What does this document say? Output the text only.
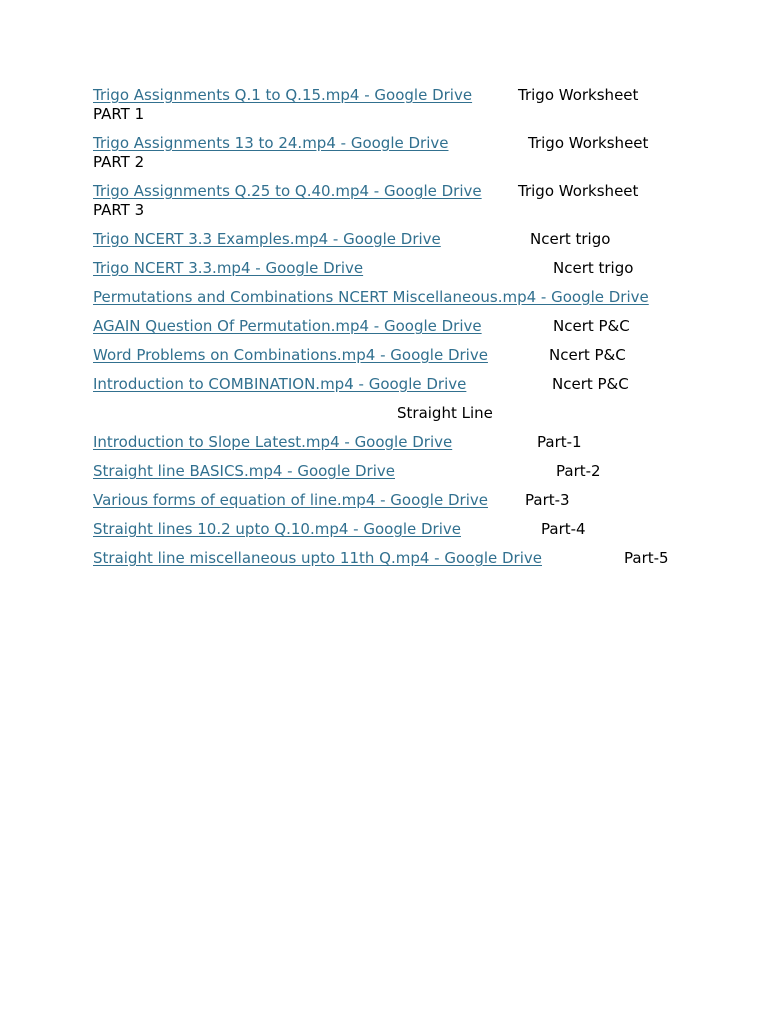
Trigo Assignments Q.1 to Q.15.mp4 - Google Drive	Trigo Worksheet
PART 1
Trigo Assignments 13 to 24.mp4 - Google Drive	Trigo Worksheet
PART 2
Trigo Assignments Q.25 to Q.40.mp4 - Google Drive Trigo Worksheet
PART 3
Trigo NCERT 3.3 Examples.mp4 - Google Drive	Ncert trigo
Trigo NCERT 3.3.mp4 - Google Drive	Ncert trigo
Permutations and Combinations NCERT Miscellaneous.mp4 - Google Drive
AGAIN Question Of Permutation.mp4 - Google Drive	Ncert P&C
Word Problems on Combinations.mp4 - Google Drive	Ncert P&C
Introduction to COMBINATION.mp4 - Google Drive	Ncert P&C
Straight Line
Introduction to Slope Latest.mp4 - Google Drive	Part-1
Straight line BASICS.mp4 - Google Drive	Part-2
Various forms of equation of line.mp4 - Google Drive Part-3
Straight lines 10.2 upto Q.10.mp4 - Google Drive	Part-4
Straight line miscellaneous upto 11th Q.mp4 - Google Drive	Part-5
